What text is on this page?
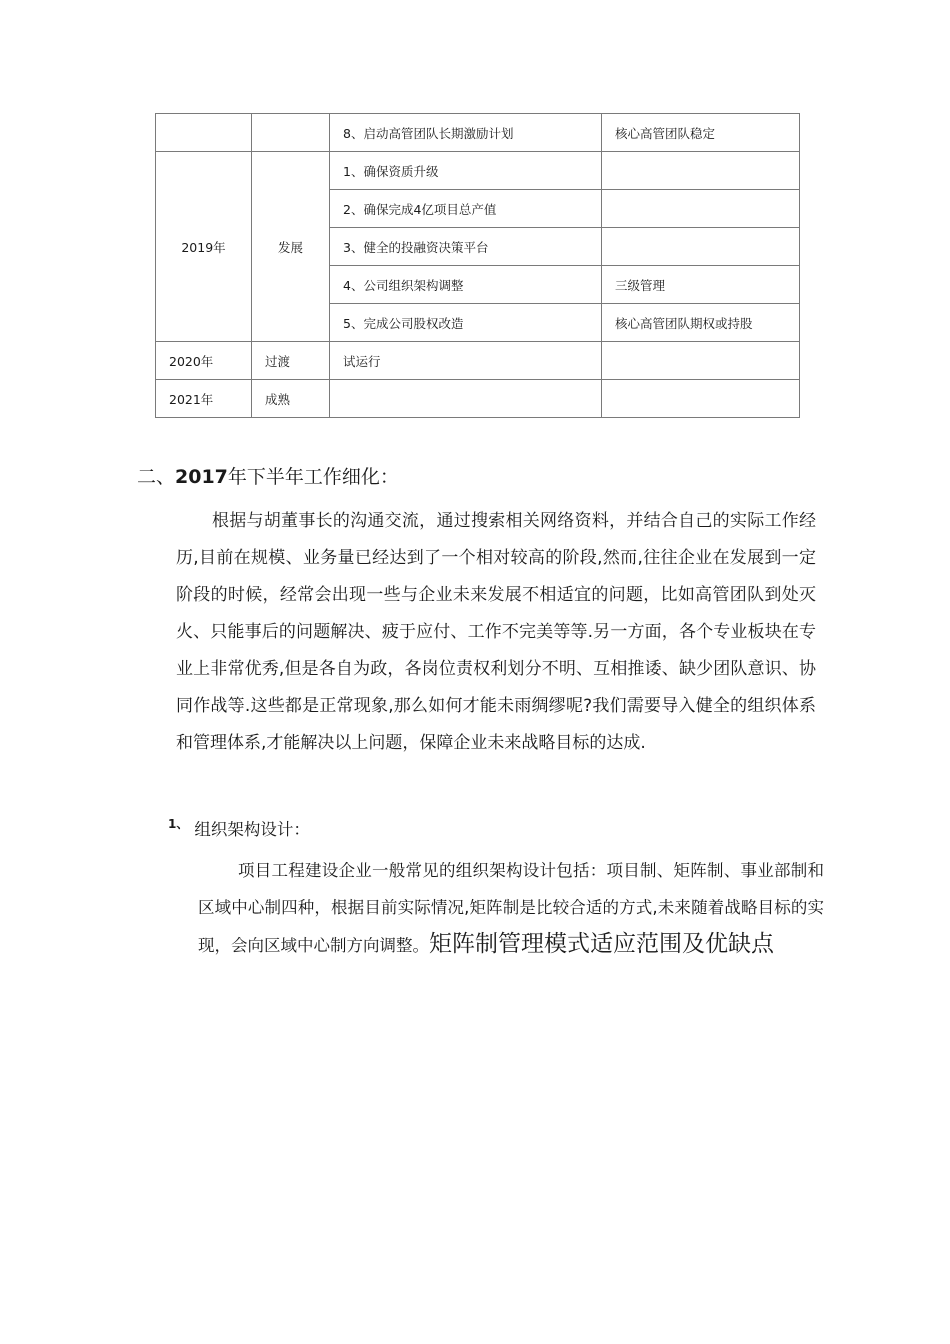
		8、启动高管团队长期激励计划	核心高管团队稳定
2019年	发展	1、确保资质升级	
		2、确保完成4亿项目总产值	
		3、健全的投融资决策平台	
		4、公司组织架构调整	三级管理
		5、完成公司股权改造	核心高管团队期权或持股
2020年	过渡	试运行	
2021年	成熟		
二、2017年下半年工作细化：

根据与胡董事长的沟通交流，通过搜索相关网络资料，并结合自己的实际工作经历,目前在规模、业务量已经达到了一个相对较高的阶段,然而,往往企业在发展到一定阶段的时候，经常会出现一些与企业未来发展不相适宜的问题，比如高管团队到处灭火、只能事后的问题解决、疲于应付、工作不完美等等.另一方面，各个专业板块在专业上非常优秀,但是各自为政，各岗位责权利划分不明、互相推诿、缺少团队意识、协同作战等.这些都是正常现象,那么如何才能未雨绸缪呢?我们需要导入健全的组织体系和管理体系,才能解决以上问题，保障企业未来战略目标的达成.

$^{1、}$ 组织架构设计：

项目工程建设企业一般常见的组织架构设计包括：项目制、矩阵制、事业部制和区域中心制四种，根据目前实际情况,矩阵制是比较合适的方式,未来随着战略目标的实现，会向区域中心制方向调整。矩阵制管理模式适应范围及优缺点
